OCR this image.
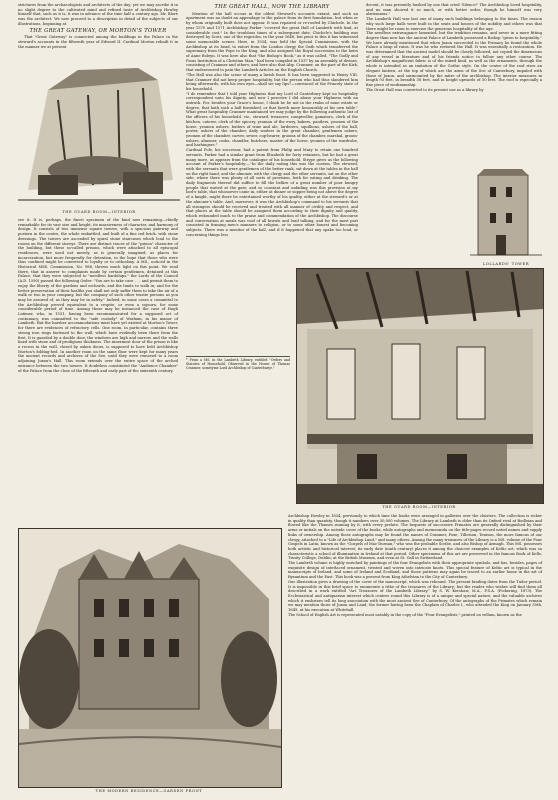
strictures from the archaeologists and architects of the day; yet we may ascribe it in no slight degree to the cultivated mind and refined taste of Archbishop Howley himself that, such as it is, it was in advance of the time half a century ago. Mr. Blore was the architect. We now proceed to a description in detail of the subjects of our illustrations, beginning at

THE GREAT GATEWAY, OR MORTON'S TOWER

That "Great Gateway" is connected among the buildings in the Palace in the steward's accounts in the fifteenth year of Edward II. Cardinal Morton rebuilt it in the manner we at present

THE GUARD ROOM—INTERIOR

see it. It is, perhaps, the finest specimen of the kind now remaining—chiefly remarkable for its vast size and height, its massiveness of character, and harmony of design. It consists of two immense square towers, with a spacious gateway and postern in the centre, the whole embattled, and built of a fine red brick, with stone dressings. The towers are ascended by spiral stone staircases which lead to the rooms on the different storeys. There are distinct traces of the "prison" character of the building, but these so-called prisons, which were attached to all episcopal residences, were used not merely, as is generally imagined, as places for incarceration, but more frequently for detention, in the hope that those who were thus confined might be converted to loyalty or to orthodoxy. A MS., noticed in the Historical MSS. Commission, No. 986, throws much light on this point. We read there, that in answer to complaints made by certain gentlemen, detained at this Palace, that they were subjected to "needless hardships," the Lords of the Council (A.D. 1590) passed the following Order: "You are to take care . . . and permit them to enjoy the liberty of the gardens and orchards, and the limits to walk in; and for the better preservation of their healths you shall not only suffer them to take the air of a walk or two in your company, but the company of such other trustie persons as you may be assured of, as they may be in safety." Indeed, in some cases a committal to the Archbishop proved equivalent to a respite, or even a sojourn, for some considerable period of time. Among those may be instanced the case of Hugh Latimer, who, in 1531, having been excommunicated for a supposed act of contumacy, was committed to the "safe custody" of Warham, in his manor of Lambeth. But the harsher accommodations must have yet existed at Morton's Tower, for there are evidences of refractory cells. One room, in particular, contains three strong iron rings fastened to the wall, which have evidently been there from the first. It is guarded by a double door, the windows are high and narrow, and the walls lined with stone and of prodigious thickness. The innermost door of the prison is like a recess in the wall, closed by oaken doors, is supposed to have held Archbishop Morton's folding-bed. In another room on the same floor were kept for many years the ancient records and archives of the See, until they were removed to a room adjoining Juxon's Hall. This room extends over the entire space of the arched entrance between the two towers. It doubtless constituted the "Audience Chamber" of the Palace from the close of the fifteenth and early part of the sixteenth century.

THE GREAT HALL, NOW THE LIBRARY

Mention of the hall occurs in the oldest Steward's accounts extant, and such an apartment was no doubt an appendage to the palace from its first foundation, but when or by whom originally built does not appear. It was repaired or re-roofed by Chichele. In the year 1570 and 1571 Archbishop Parker "covered the great Hall of Lambeth with lead, at considerable cost." In the troublous times of a subsequent date, Chichele's building was destroyed by Scott, one of the regicides, in the year 1648, but prior to this it has witnessed some memorable scenes. Here, in 1534, was held the Special Commission, with the Archbishop at its head, to extort from the London clergy the Oath which transferred the supremacy from the Pope to the King, and also assigned the Royal succession to the heirs of Anne Boleyn. It was here also that "the Bishop's Book," as it was called, "The Godly and Pious Institution of a Christian Man," had been compiled in 1537 by an assembly of divines, consisting of Cranmer and others; and here also that Abp. Cranmer, on the part of the Kirk, that endeavoured to pain the Lambeth Articles on the English Church.
"The Hall was also the scene of many a lavish feast. It has been suggested to Henry VIII. that Cranmer did not keep proper hospitality, but the person who had thus slandered him being afterwards, with his own eyes—shall we say lips?—convinced of the Princely state of his household.
"I do remember that I told your Highness that my Lord of Canterbury kept no hospitality correspondent unto his dignity, and now I perceive I did abuse your Highness with an untruth. For, besides your Grace's house, I think he be not in the realm of none estate or degree, that hath such a hall furnished, or that fareth more honourably at his own table." What great hospitality Cranmer maintained we may judge by the following authentic list of the officers of his household, viz., steward, treasurer, comptroller, gamators, clerk of the kitchen, caterer, clerk of the spicery, yeoman of the ewry, bakers, pantlers, yeomen of the horse, yeomen ushers, butlers of wine and ale, larderers, squillions, ushers of the hall, porter, ushers of the chamber, daily waiters in the great chamber, gentlemen ushers, yeomen of the chamber, carver, sewer, cup-bearer, grooms of the chamber, marshal, groom-ushers, almoner, cooks, chandler, butchers, master of the horse, yeomen of the wardrobe, and harbingers."
Cardinal Pole, his successor, had a patent from Philip and Mary to retain one hundred servants. Parker had a similar grant from Elizabeth for forty retainers, but he had a great many more, as appears from the catalogue of his household. Strype gives us the following account of Parker's hospitality:—"In the daily eating this was the custom. The steward, with the servants that were gentlemen of the better rank, sat down at the tables in the hall on the right hand; and the almoner, with the clergy and the other servants, sat on the other side, where there was plenty of all sorts of provision, both for eating and drinking. The daily fragments thereof did suffice to fill the bellies of a great number of poor hungry people that waited at the gate; and so constant and unfailing was this provision at my lord's table, that whosoever came in, either at dinner or supper being not above the degree of a knight, might there be entertained worthy of his quality, either at the steward's or at the almoner's table. And, moreover, it was the Archbishop's command to his servants that all strangers should be received and treated with all manner of civility and respect, and that places at the table should be assigned them according to their dignity and quality, which redounded much to the praise and commendation of the Archbishop. The discourse and conversation at meals was void of all brawls and loud talking, and for the most part consisted in framing men's manners to religion, or to some other honest and becoming subjects. There was a monitor of the hall, and if it happened that any spake too loud, or concerning things less

* From a MS. in the Lambeth Library, entitled "Orders and Statutes of Household, Observed in the House of Thomas Cranmer, sometyme Lord Archbishop of Canterburye."

decent, it was presently hushed by one that cried 'Silence!' The Archbishop loved hospitality, and no man showed it so much, or with better order, though he himself was very abstemious."
The Lambeth Hall was last one of many such buildings belonging to the times. The reason why such large halls were built in the seats and houses of the nobility and others was that there might be room to exercise the generous hospitality of the age.
The needless extravagance lamented, but the tradition remains, and never in a more fitting degree than now has the ancient Palace of Lambeth possessed a Bishop "given to hospitality."
We have already mentioned that when Juxon succeeded to the Primacy he found the whole Palace a heap of ruins. It was he who restored the Hall. It was essentially a restoration. He was determined that the ancient model should be closely followed, not copied the dimensions of any vessel in literature and of his friends notice to follow any other course. The Archbishop's magnificent fabric is of the mixed kind, as well as the ornaments, through the whole is intended as an imitation of the Gothic style. On the centre of the roof rises an elegant lantern, at the top of which are the arms of the See of Canterbury, impaled with those of Juxon, and surmounted by the mitre of the archbishop. The interior measures in length 93 feet, in breadth 38 feet, and in height upwards of 50 feet. The roof is especially a fine piece of workmanship.
The Great Hall was converted to its present use as a library by

LOLLARDS' TOWER
THE GUARD ROOM—INTERIOR
THE MODERN RESIDENCE—GARDEN FRONT

Archbishop Howley in 1834, previously to which time the books were arranged in galleries over the cloisters. The collection is richer in quality than quantity, though it numbers over 30,000 volumes. The Library at Lambeth is older than its Oxford rival at Bodleian and flowed like the Thames running by it, with every prelate. The bequests of successive Primates are generally distinguished by their arms or initials on the outside cover of the books, while autographs and memoranda on the title-pages record noted names and supply links of ownership. Among these autographs may be found the names of Cranmer, Foxe, Tillotson, Tenison, the more famous of our clergy, attached to a "Life of Archbishop Laud," and many others. Among the many treasures of the Library is a MS. volume of the Four Gospels in Latin, known as the "Gospels of Mac-Durnan," who was the probable Scribe, and also Bishop of Armagh. This MS. possesses both artistic and historical interest; its early date (ninth century) places it among the choicest examples of Keltic art, which was so characteristic a school of illumination in Ireland at that period. Other specimens of this art are preserved in the famous Book of Kells, Trinity College, Dublin; at the British Museum, and even at St. Gall in Switzerland.
The Lambeth volume is highly enriched by paintings of the four Evangelists with their appropriate symbols, and has, besides, pages of exquisite design of interlaced ornament, twisted and woven into intricate knots. This special feature of Keltic art is typical in the manuscripts of Ireland, and some of Ireland and Scotland, and those patterns may again be traced to an earlier home in the art of Byzantium and the East. This book was a present from King Athelstan to the City of Canterbury.
Our illustration gives a drawing of the cover of the manuscript, which was rebound. The present binding dates from the Tudor period. It is impossible in this brief space to enumerate a tithe of the treasures of the Library; but the reader who wishes will find them all described in a work entitled "Art Treasures of the Lambeth Library," by S. W. Kershaw, M.A., F.S.A. (Pickering, 1873). The Ecclesiastical and antiquarian interest which centres round this Library is of a unique and special nature, and the valuable archives which it enshrines tell its long association with the most ancient See of Canterbury. Of the autographs of the Primates which remain we may mention those of Juxon and Laud, the former having been the Chaplain of Charles I., who attended the King on January 30th, 1649, at his execution at Whitehall.
The School of English Art is represented most notably in the copy of the "Four Evangelists," printed on vellum, known as the
